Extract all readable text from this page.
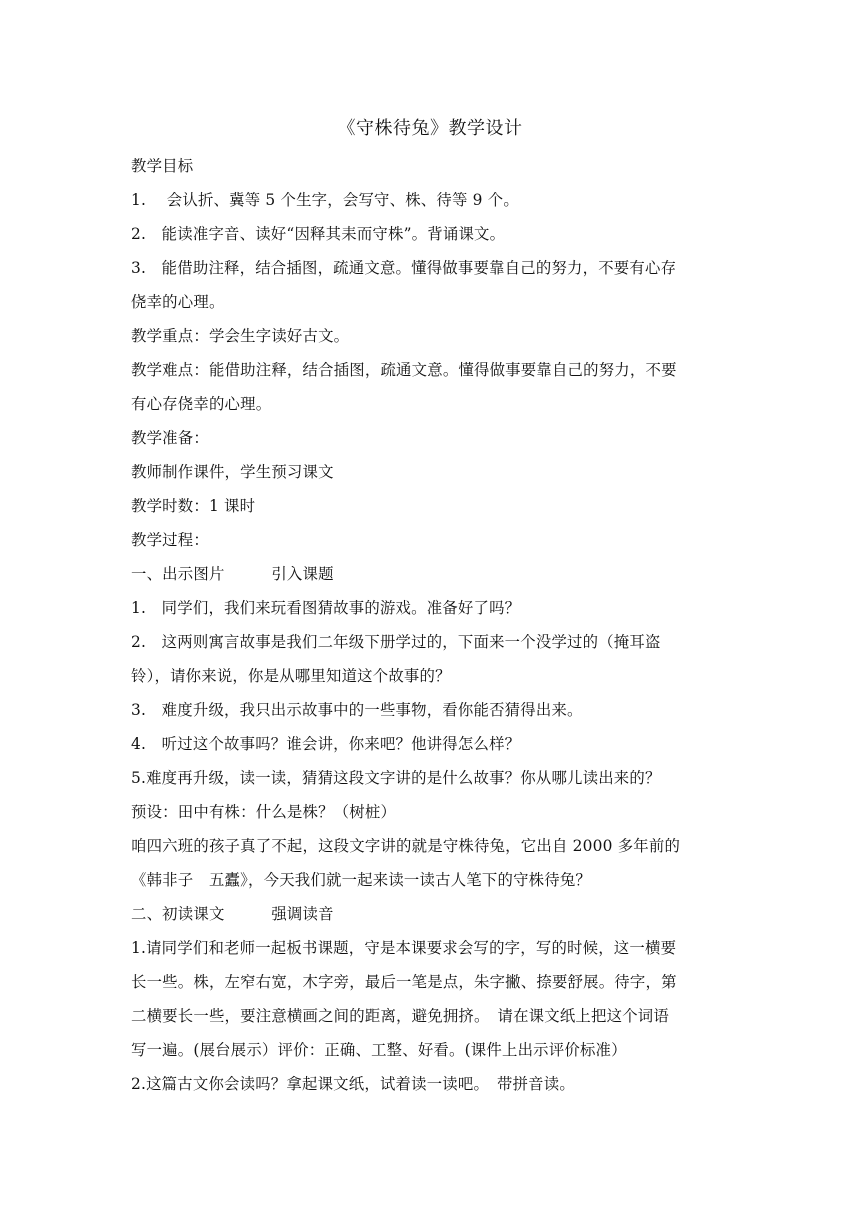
《守株待兔》教学设计
教学目标
1.　 会认折、冀等 5 个生字，会写守、株、待等 9 个。
2.　能读准字音、读好“因释其耒而守株”。背诵课文。
3.　能借助注释，结合插图，疏通文意。懂得做事要靠自己的努力，不要有心存
侥幸的心理。
教学重点：学会生字读好古文。
教学难点：能借助注释，结合插图，疏通文意。懂得做事要靠自己的努力，不要
有心存侥幸的心理。
教学准备：
教师制作课件，学生预习课文
教学时数：1 课时
教学过程：
一、出示图片　　　引入课题
1.　同学们，我们来玩看图猜故事的游戏。准备好了吗？
2.　这两则寓言故事是我们二年级下册学过的，下面来一个没学过的（掩耳盗
铃），请你来说，你是从哪里知道这个故事的？
3.　难度升级，我只出示故事中的一些事物，看你能否猜得出来。
4.　听过这个故事吗？谁会讲，你来吧？他讲得怎么样？
5.难度再升级，读一读，猜猜这段文字讲的是什么故事？你从哪儿读出来的？
预设：田中有株：什么是株？（树桩）
咱四六班的孩子真了不起，这段文字讲的就是守株待兔，它出自 2000 多年前的
《韩非子　五蠹》，今天我们就一起来读一读古人笔下的守株待兔？
二、初读课文　　　强调读音
1.请同学们和老师一起板书课题，守是本课要求会写的字，写的时候，这一横要
长一些。株，左窄右宽，木字旁，最后一笔是点，朱字撇、捺要舒展。待字，第
二横要长一些，要注意横画之间的距离，避免拥挤。　请在课文纸上把这个词语
写一遍。(展台展示）评价：正确、工整、好看。(课件上出示评价标准）
2.这篇古文你会读吗？拿起课文纸，试着读一读吧。　带拼音读。
